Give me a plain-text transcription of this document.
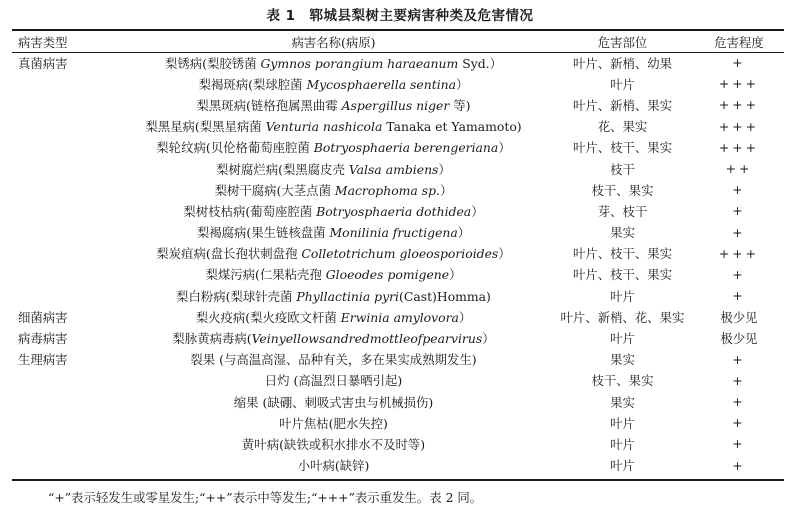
表 1　郓城县梨树主要病害种类及危害情况
病害类型	病害名称(病原)	危害部位	危害程度
真菌病害	梨锈病(梨胶锈菌 Gymnos porangium haraeanum Syd.）	叶片、新梢、幼果	+
	梨褐斑病(梨球腔菌 Mycosphaerella sentina）	叶片	+++
	梨黑斑病(链格孢属黑曲霉 Aspergillus niger 等)	叶片、新梢、果实	+++
	梨黑星病(梨黑星病菌 Venturia nashicola Tanaka et Yamamoto)	花、果实	+++
	梨轮纹病(贝伦格葡萄座腔菌 Botryosphaeria berengeriana）	叶片、枝干、果实	+++
	梨树腐烂病(梨黑腐皮壳 Valsa ambiens）	枝干	++
	梨树干腐病(大茎点菌 Macrophoma sp.）	枝干、果实	+
	梨树枝枯病(葡萄座腔菌 Botryosphaeria dothidea）	芽、枝干	+
	梨褐腐病(果生链核盘菌 Monilinia fructigena）	果实	+
	梨炭疽病(盘长孢状刺盘孢 Colletotrichum gloeosporioides）	叶片、枝干、果实	+++
	梨煤污病(仁果粘壳孢 Gloeodes pomigene）	叶片、枝干、果实	+
	梨白粉病(梨球针壳菌 Phyllactinia pyri(Cast)Homma)	叶片	+
细菌病害	梨火疫病(梨火疫欧文杆菌 Erwinia amylovora）	叶片、新梢、花、果实	极少见
病毒病害	梨脉黄病毒病(Veinyellowsandredmottleofpearvirus）	叶片	极少见
生理病害	裂果 (与高温高湿、品种有关，多在果实成熟期发生)	果实	+
	日灼 (高温烈日暴晒引起)	枝干、果实	+
	缩果 (缺硼、刺吸式害虫与机械损伤)	果实	+
	叶片焦枯(肥水失控)	叶片	+
	黄叶病(缺铁或积水排水不及时等)	叶片	+
	小叶病(缺锌)	叶片	+
“+”表示轻发生或零星发生;“++”表示中等发生;“+++”表示重发生。表 2 同。
